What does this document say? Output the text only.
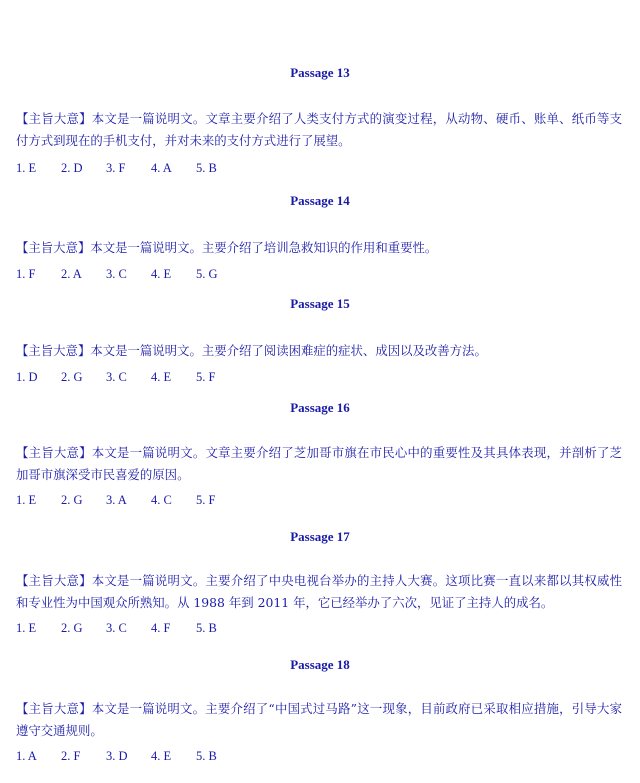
Passage 13

【主旨大意】本文是一篇说明文。文章主要介绍了人类支付方式的演变过程，从动物、硬币、账单、纸币等支付方式到现在的手机支付，并对未来的支付方式进行了展望。

1. E 2. D 3. F 4. A 5. B
Passage 14

【主旨大意】本文是一篇说明文。主要介绍了培训急救知识的作用和重要性。

1. F 2. A 3. C 4. E 5. G
Passage 15

【主旨大意】本文是一篇说明文。主要介绍了阅读困难症的症状、成因以及改善方法。

1. D 2. G 3. C 4. E 5. F
Passage 16

【主旨大意】本文是一篇说明文。文章主要介绍了芝加哥市旗在市民心中的重要性及其具体表现，并剖析了芝加哥市旗深受市民喜爱的原因。

1. E 2. G 3. A 4. C 5. F
Passage 17

【主旨大意】本文是一篇说明文。主要介绍了中央电视台举办的主持人大赛。这项比赛一直以来都以其权威性和专业性为中国观众所熟知。从 1988 年到 2011 年，它已经举办了六次，见证了主持人的成名。

1. E 2. G 3. C 4. F 5. B
Passage 18

【主旨大意】本文是一篇说明文。主要介绍了“中国式过马路”这一现象，目前政府已采取相应措施，引导大家遵守交通规则。

1. A 2. F 3. D 4. E 5. B
